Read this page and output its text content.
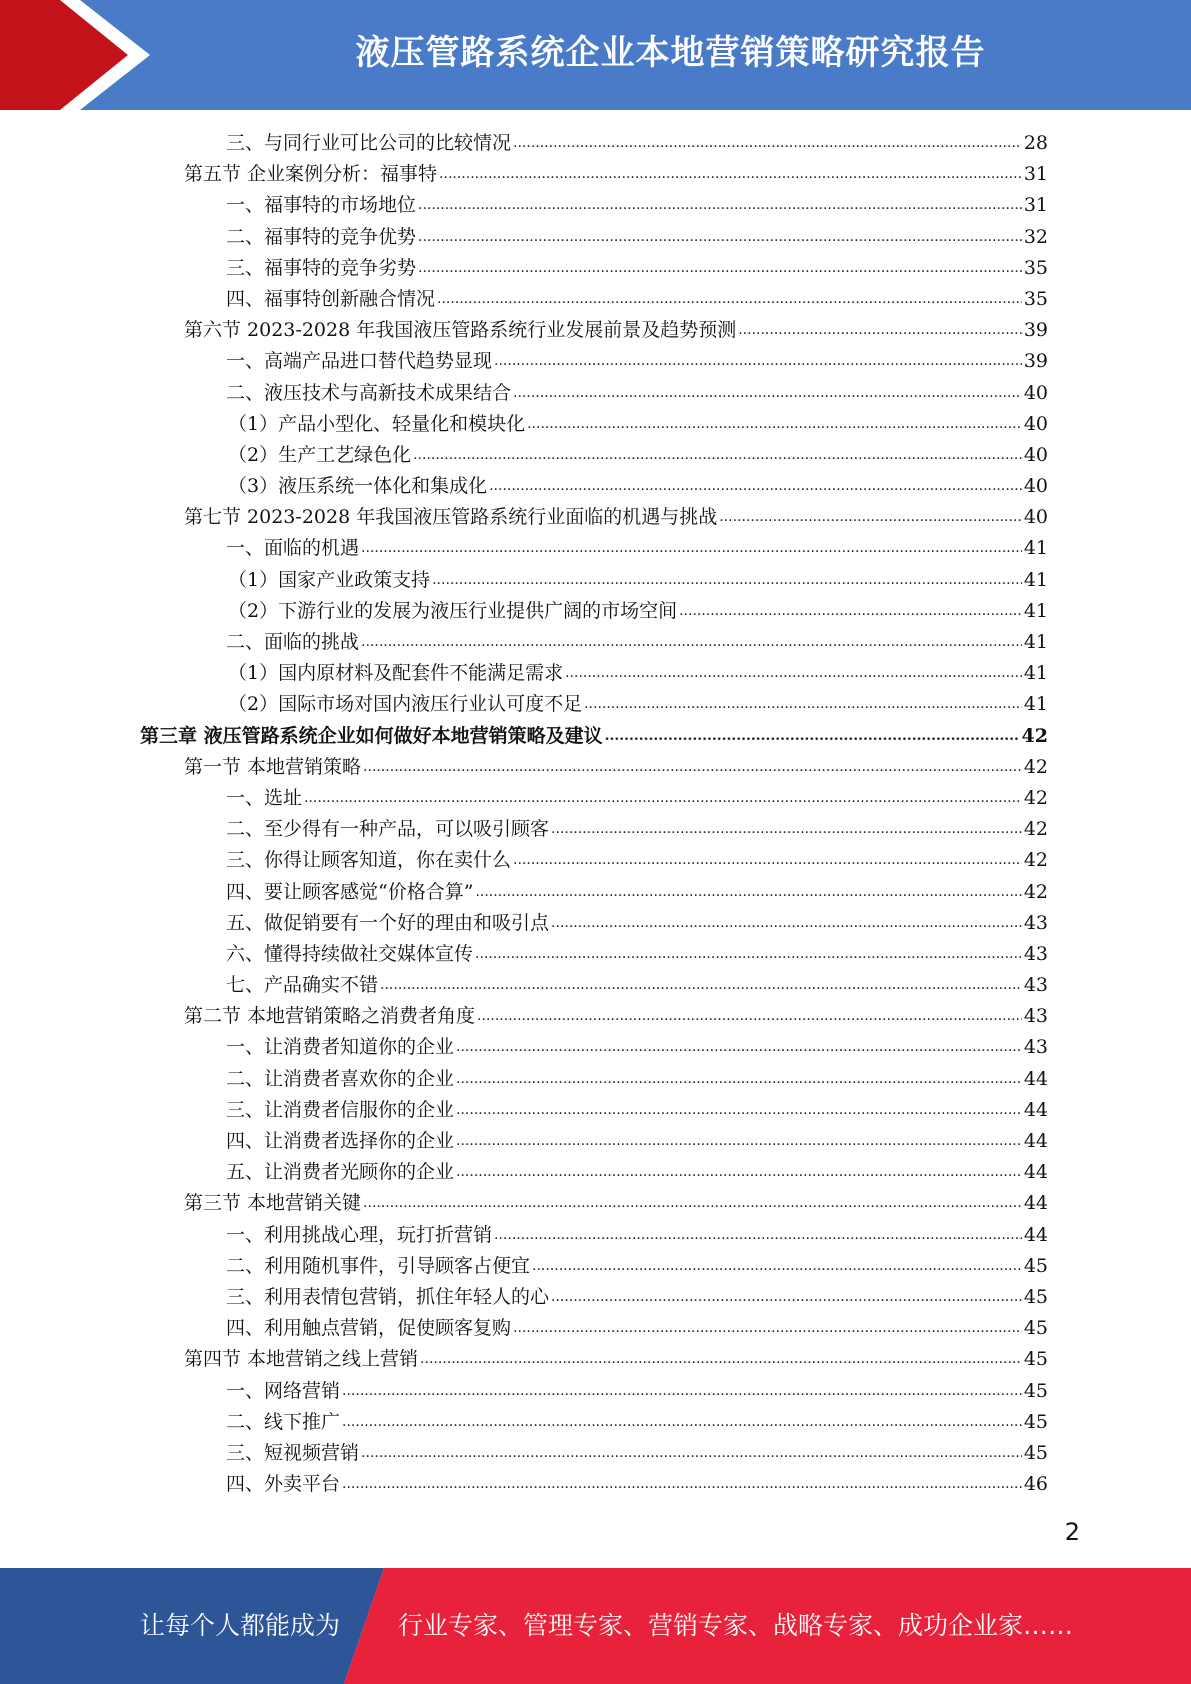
液压管路系统企业本地营销策略研究报告
三、与同行业可比公司的比较情况 .....	28
第五节 企业案例分析：福事特 .....	31
一、福事特的市场地位 .....	31
二、福事特的竞争优势 .....	32
三、福事特的竞争劣势 .....	35
四、福事特创新融合情况 .....	35
第六节 2023-2028 年我国液压管路系统行业发展前景及趋势预测 .....	39
一、高端产品进口替代趋势显现 .....	39
二、液压技术与高新技术成果结合 .....	40
（1）产品小型化、轻量化和模块化 .....	40
（2）生产工艺绿色化 .....	40
（3）液压系统一体化和集成化 .....	40
第七节 2023-2028 年我国液压管路系统行业面临的机遇与挑战 .....	40
一、面临的机遇 .....	41
（1）国家产业政策支持 .....	41
（2）下游行业的发展为液压行业提供广阔的市场空间 .....	41
二、面临的挑战 .....	41
（1）国内原材料及配套件不能满足需求 .....	41
（2）国际市场对国内液压行业认可度不足 .....	41
第三章 液压管路系统企业如何做好本地营销策略及建议 .....	42
第一节 本地营销策略 .....	42
一、选址 .....	42
二、至少得有一种产品，可以吸引顾客 .....	42
三、你得让顾客知道，你在卖什么 .....	42
四、要让顾客感觉“价格合算” .....	42
五、做促销要有一个好的理由和吸引点 .....	43
六、懂得持续做社交媒体宣传 .....	43
七、产品确实不错 .....	43
第二节 本地营销策略之消费者角度 .....	43
一、让消费者知道你的企业 .....	43
二、让消费者喜欢你的企业 .....	44
三、让消费者信服你的企业 .....	44
四、让消费者选择你的企业 .....	44
五、让消费者光顾你的企业 .....	44
第三节 本地营销关键 .....	44
一、利用挑战心理，玩打折营销 .....	44
二、利用随机事件，引导顾客占便宜 .....	45
三、利用表情包营销，抓住年轻人的心 .....	45
四、利用触点营销，促使顾客复购 .....	45
第四节 本地营销之线上营销 .....	45
一、网络营销 .....	45
二、线下推广 .....	45
三、短视频营销 .....	45
四、外卖平台 .....	46
2
让每个人都能成为 行业专家、管理专家、营销专家、战略专家、成功企业家……
